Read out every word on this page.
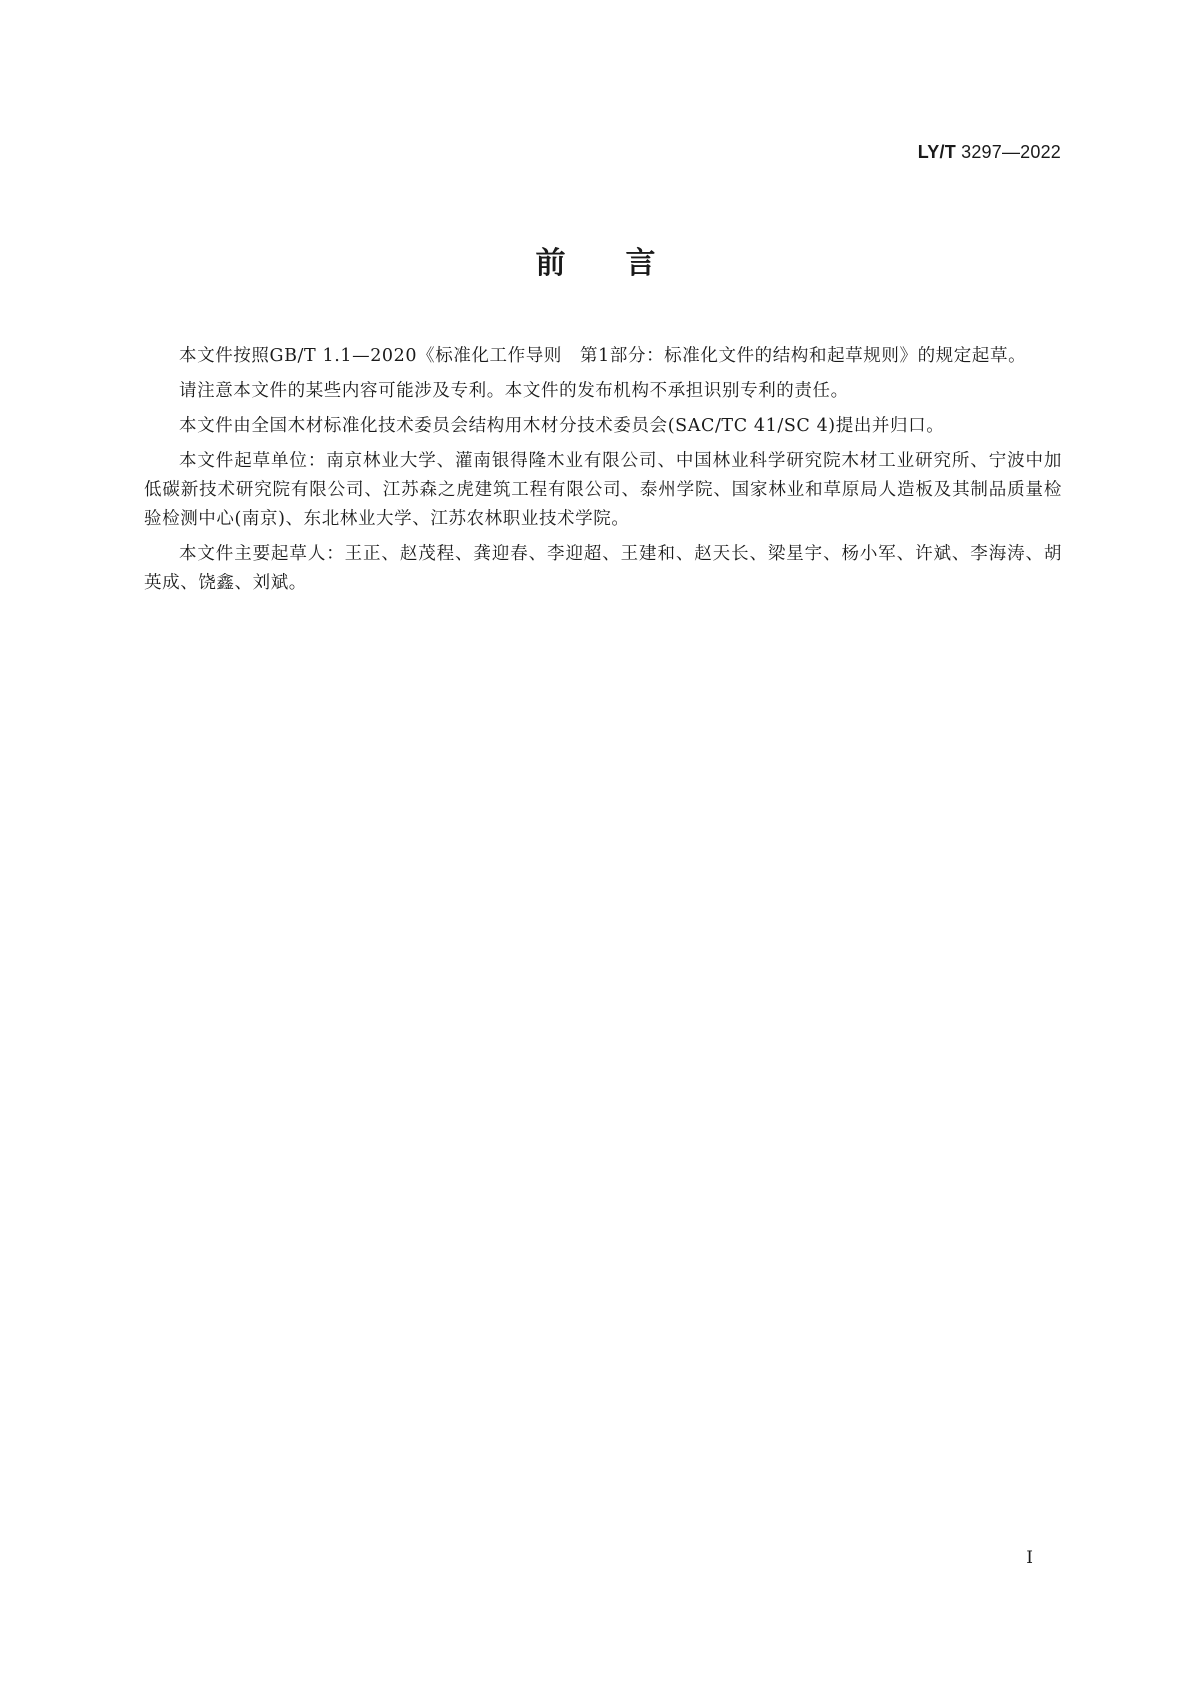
LY/T 3297—2022
前言

本文件按照GB/T 1.1—2020《标准化工作导则　第1部分：标准化文件的结构和起草规则》的规定起草。

请注意本文件的某些内容可能涉及专利。本文件的发布机构不承担识别专利的责任。

本文件由全国木材标准化技术委员会结构用木材分技术委员会(SAC/TC 41/SC 4)提出并归口。

本文件起草单位：南京林业大学、灌南银得隆木业有限公司、中国林业科学研究院木材工业研究所、宁波中加低碳新技术研究院有限公司、江苏森之虎建筑工程有限公司、泰州学院、国家林业和草原局人造板及其制品质量检验检测中心(南京)、东北林业大学、江苏农林职业技术学院。

本文件主要起草人：王正、赵茂程、龚迎春、李迎超、王建和、赵天长、梁星宇、杨小军、许斌、李海涛、胡英成、饶鑫、刘斌。

I
